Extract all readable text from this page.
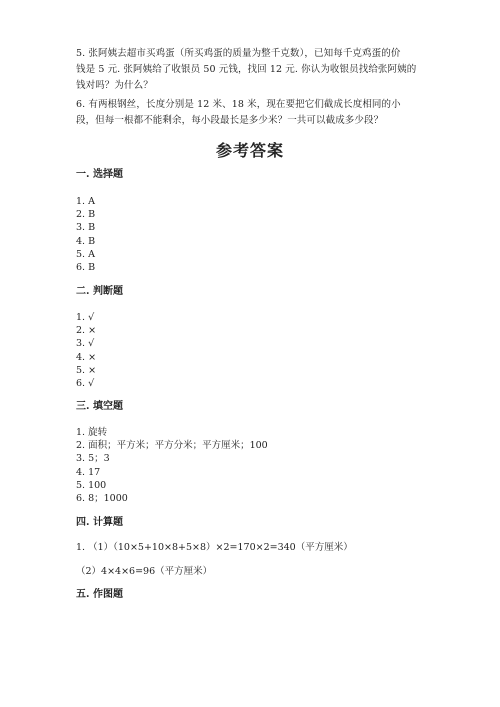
5. 张阿姨去超市买鸡蛋（所买鸡蛋的质量为整千克数），已知每千克鸡蛋的价
钱是 5 元. 张阿姨给了收银员 50 元钱，找回 12 元. 你认为收银员找给张阿姨的
钱对吗？为什么？
6. 有两根钢丝，长度分别是 12 米、18 米，现在要把它们截成长度相同的小
段，但每一根都不能剩余，每小段最长是多少米？一共可以截成多少段？
参考答案
一. 选择题
1. A
2. B
3. B
4. B
5. A
6. B
二. 判断题
1. √
2. ×
3. √
4. ×
5. ×
6. √
三. 填空题
1. 旋转
2. 面积；平方米；平方分米；平方厘米；100
3. 5；3
4. 17
5. 100
6. 8；1000
四. 计算题
1. （1）（10×5+10×8+5×8）×2=170×2=340（平方厘米）
（2）4×4×6=96（平方厘米）
五. 作图题
